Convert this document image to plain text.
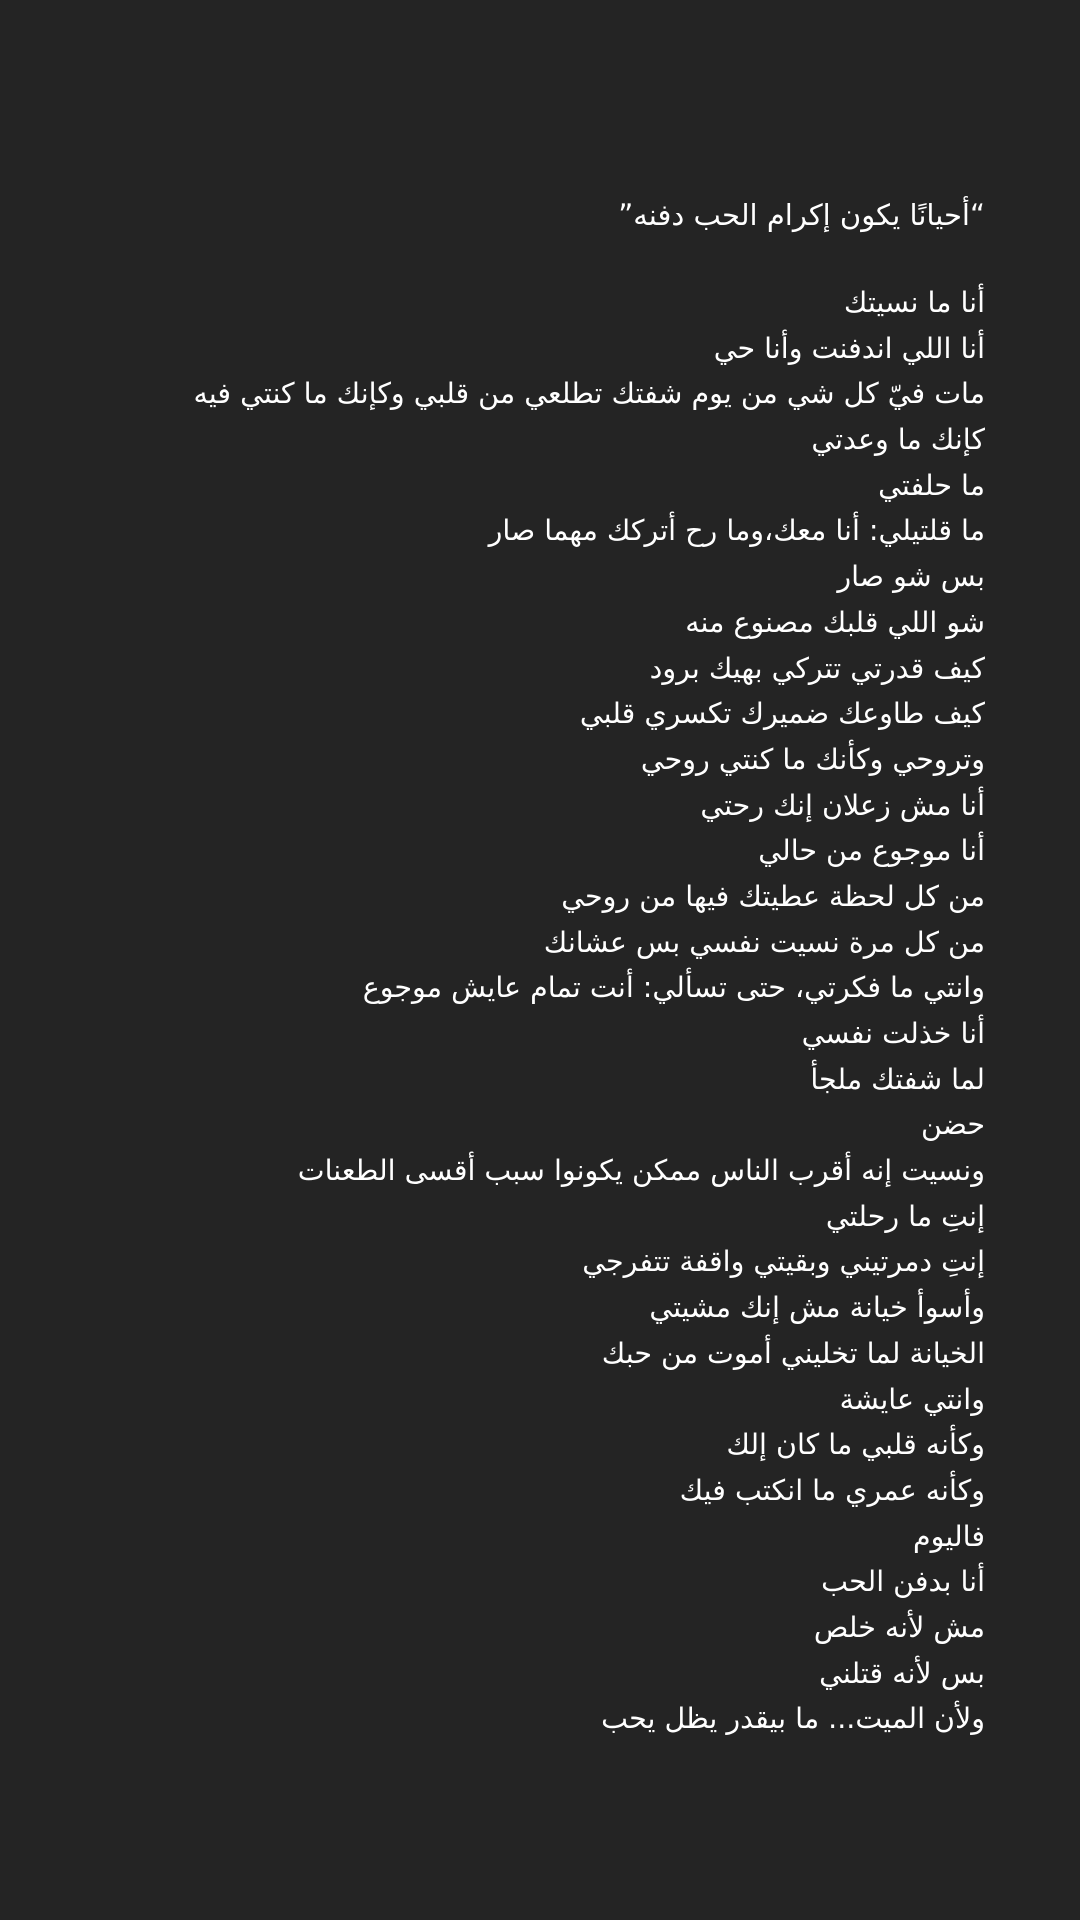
“أحيانًا يكون إكرام الحب دفنه”
أنا ما نسيتك
أنا اللي اندفنت وأنا حي
مات فيّ كل شي من يوم شفتك تطلعي من قلبي وكإنك ما كنتي فيه
كإنك ما وعدتي
ما حلفتي
ما قلتيلي: أنا معك،وما رح أتركك مهما صار
بس شو صار
شو اللي قلبك مصنوع منه
كيف قدرتي تتركي بهيك برود
كيف طاوعك ضميرك تكسري قلبي
وتروحي وكأنك ما كنتي روحي
أنا مش زعلان إنك رحتي
أنا موجوع من حالي
من كل لحظة عطيتك فيها من روحي
من كل مرة نسيت نفسي بس عشانك
وانتي ما فكرتي، حتى تسألي: أنت تمام عايش موجوع
أنا خذلت نفسي
لما شفتك ملجأ
حضن
ونسيت إنه أقرب الناس ممكن يكونوا سبب أقسى الطعنات
إنتِ ما رحلتي
إنتِ دمرتيني وبقيتي واقفة تتفرجي
وأسوأ خيانة مش إنك مشيتي
الخيانة لما تخليني أموت من حبك
وانتي عايشة
وكأنه قلبي ما كان إلك
وكأنه عمري ما انكتب فيك
فاليوم
أنا بدفن الحب
مش لأنه خلص
بس لأنه قتلني
ولأن الميت... ما بيقدر يظل يحب
